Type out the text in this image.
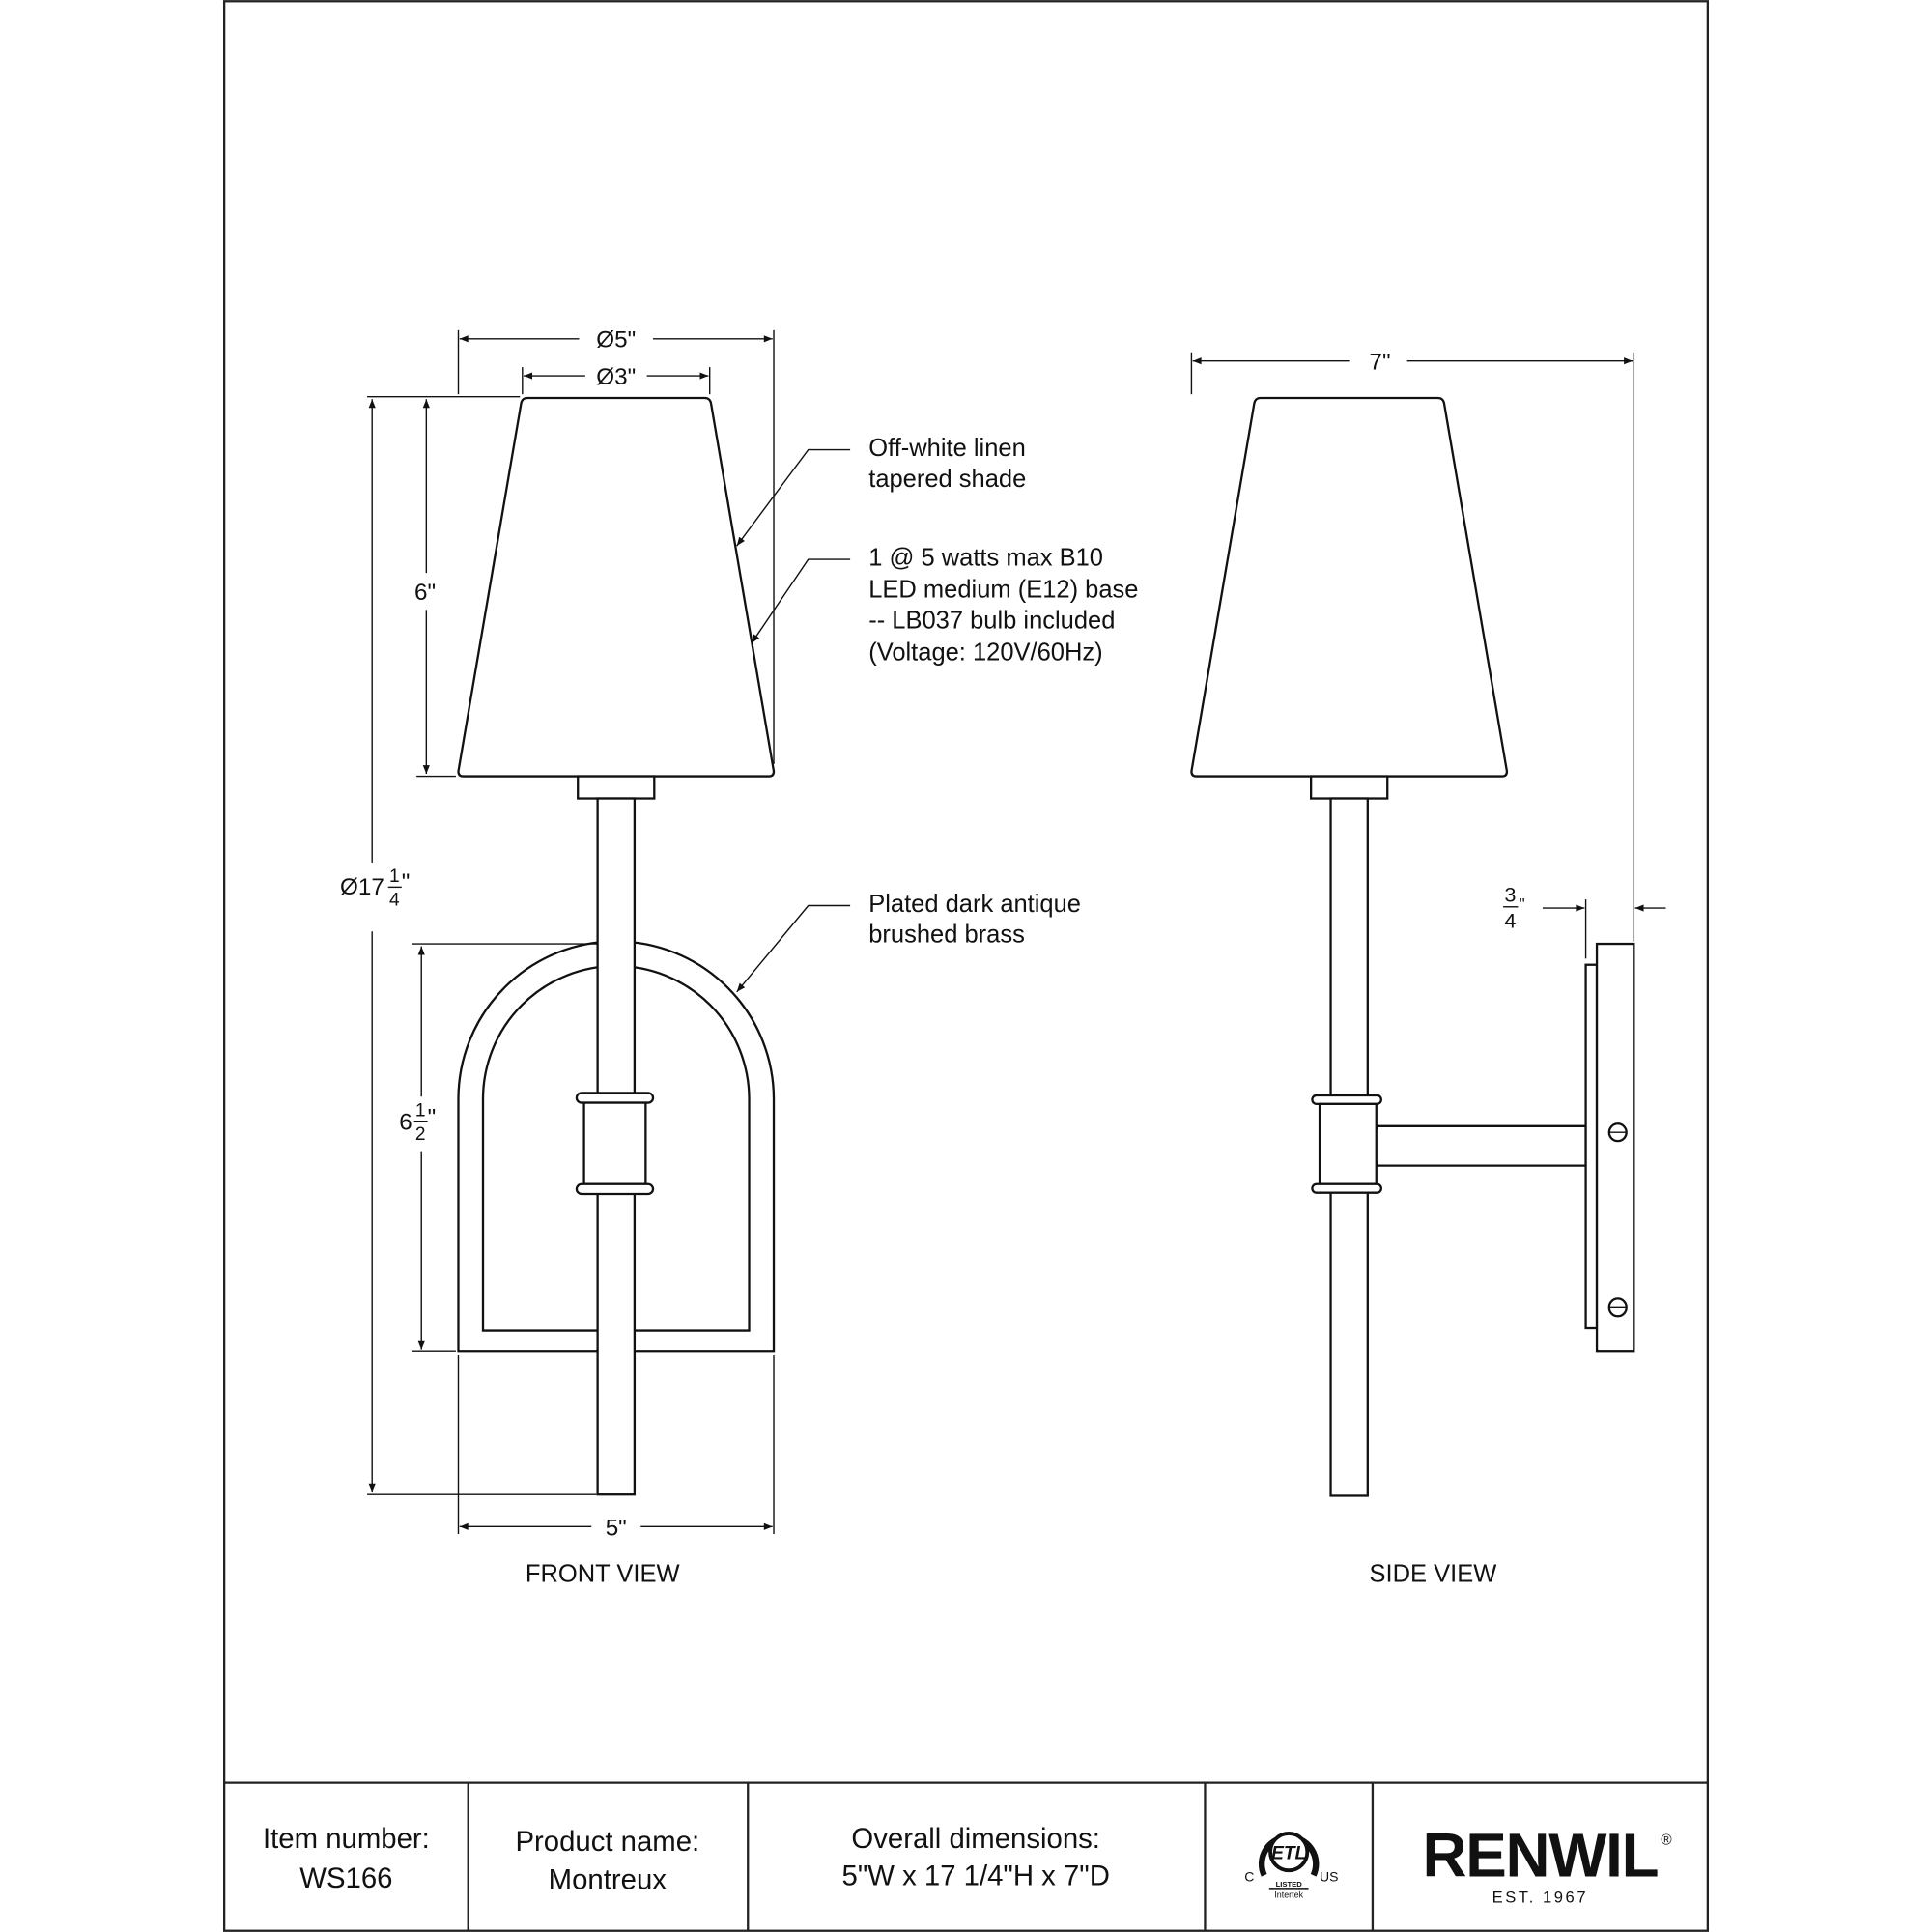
Ø5"
Ø3"
6"
Ø17 1
4
"
6 1
2
"
5"
Off-white linen
tapered shade
1 @ 5 watts max B10
LED medium (E12) base
-- LB037 bulb included
(Voltage: 120V/60Hz)
Plated dark antique
brushed brass
FRONT VIEW
7"
3
4
"
SIDE VIEW
Item number:
WS166
Product name:
Montreux
Overall dimensions:
5"W x 17 1/4"H x 7"D
ETL
LISTED
Intertek
C	US RENWIL ®
EST. 1967
